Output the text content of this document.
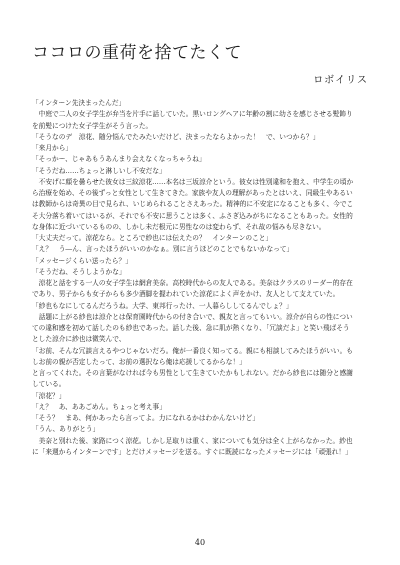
ココロの重荷を捨てたくて
ロボイリス
「インターン先決まったんだ」
　中庭で二人の女子学生が弁当を片手に話していた。黒いロングヘアに年齢の割に幼さを感じさせる髪飾り
を前髪につけた女子学生がそう言った。
「そうなのデ　涼花、随分悩んでたみたいだけど、決まったならよかった！　で、いつから？」
「来月から」
「そっかー、じゃあもうあんまり会えなくなっちゃうね」
「そうだね……ちょっと淋しいし不安だな」
　不安げに顔を曇らせた彼女は三紋涼花……本名は三坂涼介という。彼女は性別違和を抱え、中学生の頃か
ら治療を始め、その後ずっと女性として生きてきた。家族や友人の理解があったとはいえ、同級生やあるい
は教師からは奇異の目で見られ、いじめられることさえあった。精神的に不安定になることも多く、今でこ
そ大分落ち着いてはいるが、それでも不安に思うことは多く、ふさぎ込みがちになることもあった。女性的
な身体に近づいているものの、しかし未だ根元に男性なのは変わらず、それ故の悩みも尽きない。
「大丈夫だって。涼花なら。ところで紗也には伝えたの？　インターンのこと」
「え？　う―ん、言ったほうがいいのかなぁ。別に言うほどのことでもないかなって」
「メッセージくらい送ったら？」
「そうだね、そうしようかな」
　涼花と話をする一人の女子学生は網倉美奈。高校時代からの友人である。美奈はクラスのリーダー的存在
であり、男子からも女子からも多少酒脚を握われていた涼花によく声をかけ、友人として支えていた。
「紗也もなにしてるんだろうね。大学、東邦行ったけ、一人暮らししてるんでしょ？」
　話題に上がる紗也は涼介とは保育園時代からの付き合いで、親友と言ってもいい。涼介が自らの性につい
ての違和感を初めて話したのも紗也であった。話した後、急に肌が熱くなり、「冗談だよ」と笑い飛ばそう
とした涼介に紗也は微笑んで、
「お前、そんな冗談言えるやつじゃないだろ。俺が一番良く知ってる。親にも相談してみたほうがいい。も
しお前の親が否定したって、お前の選択なら俺は応援してるからな！」
と言ってくれた。その言葉がなければ今も男性として生きていたかもしれない。だから紗也には随分と感謝
している。
「涼花？」
「え？　あ、ああごめん。ちょっと考え事」
「そう？　まあ、何かあったら言ってよ。力になれるかはわかんないけど」
「うん、ありがとう」
　美奈と別れた後、家路につく涼花。しかし足取りは重く、家についても気分は全く上がらなかった。紗也
に「来週からインターンです」とだけメッセージを送る。すぐに既読になったメッセージには「頑張れ！」
40
